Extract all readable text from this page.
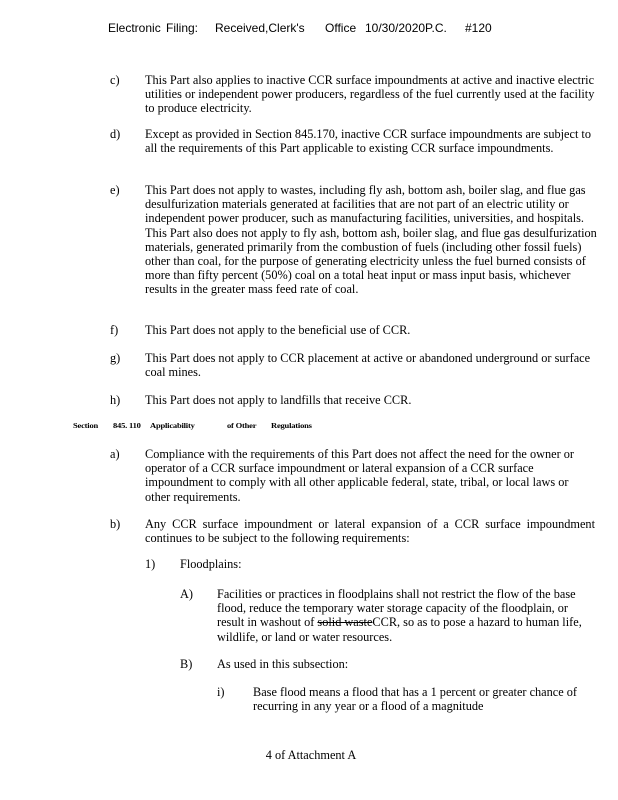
Electronic Filing: Received,Clerk's Office 10/30/2020P.C. #120
c) This Part also applies to inactive CCR surface impoundments at active and inactive electric utilities or independent power producers, regardless of the fuel currently used at the facility to produce electricity.
d) Except as provided in Section 845.170, inactive CCR surface impoundments are subject to all the requirements of this Part applicable to existing CCR surface impoundments.
e) This Part does not apply to wastes, including fly ash, bottom ash, boiler slag, and flue gas desulfurization materials generated at facilities that are not part of an electric utility or independent power producer, such as manufacturing facilities, universities, and hospitals. This Part also does not apply to fly ash, bottom ash, boiler slag, and flue gas desulfurization materials, generated primarily from the combustion of fuels (including other fossil fuels) other than coal, for the purpose of generating electricity unless the fuel burned consists of more than fifty percent (50%) coal on a total heat input or mass input basis, whichever results in the greater mass feed rate of coal.
f) This Part does not apply to the beneficial use of CCR.
g) This Part does not apply to CCR placement at active or abandoned underground or surface coal mines.
h) This Part does not apply to landfills that receive CCR.
Section 845. 110 Applicability	of Other Regulations
a) Compliance with the requirements of this Part does not affect the need for the owner or operator of a CCR surface impoundment or lateral expansion of a CCR surface impoundment to comply with all other applicable federal, state, tribal, or local laws or other requirements.
b) Any CCR surface impoundment or lateral expansion of a CCR surface impoundment continues to be subject to the following requirements:
1) Floodplains:
A) Facilities or practices in floodplains shall not restrict the flow of the base flood, reduce the temporary water storage capacity of the floodplain, or result in washout of solid wasteCCR, so as to pose a hazard to human life, wildlife, or land or water resources.
B) As used in this subsection:
i) Base flood means a flood that has a 1 percent or greater chance of recurring in any year or a flood of a magnitude
4 of Attachment A
